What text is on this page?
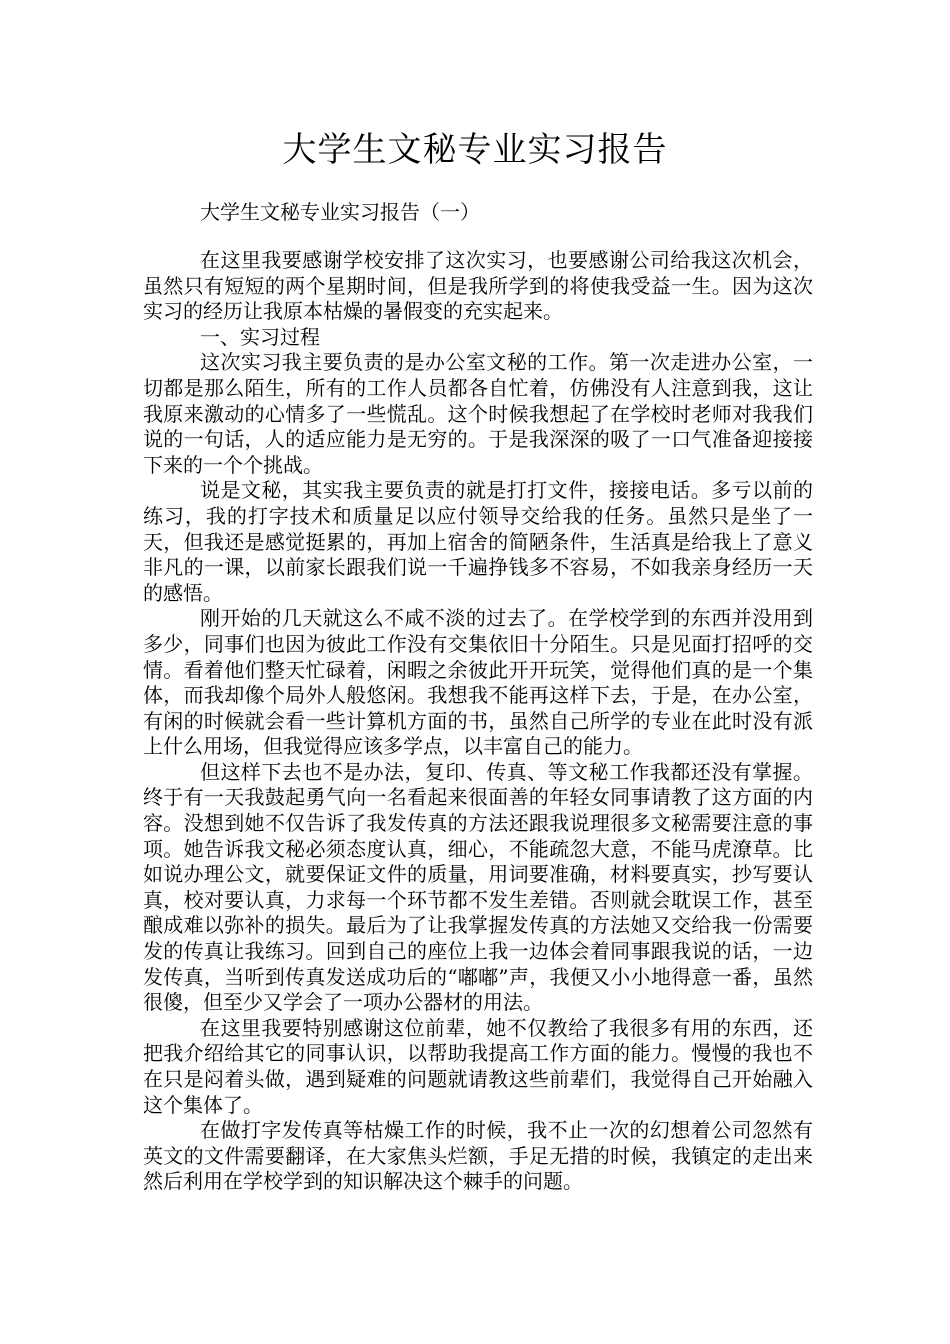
大学生文秘专业实习报告

大学生文秘专业实习报告（一）

在这里我要感谢学校安排了这次实习，也要感谢公司给我这次机会，虽然只有短短的两个星期时间，但是我所学到的将使我受益一生。因为这次实习的经历让我原本枯燥的暑假变的充实起来。

一、实习过程

这次实习我主要负责的是办公室文秘的工作。第一次走进办公室，一切都是那么陌生，所有的工作人员都各自忙着，仿佛没有人注意到我，这让我原来激动的心情多了一些慌乱。这个时候我想起了在学校时老师对我我们说的一句话，人的适应能力是无穷的。于是我深深的吸了一口气准备迎接接下来的一个个挑战。

说是文秘，其实我主要负责的就是打打文件，接接电话。多亏以前的练习，我的打字技术和质量足以应付领导交给我的任务。虽然只是坐了一天，但我还是感觉挺累的，再加上宿舍的简陋条件，生活真是给我上了意义非凡的一课，以前家长跟我们说一千遍挣钱多不容易，不如我亲身经历一天的感悟。

刚开始的几天就这么不咸不淡的过去了。在学校学到的东西并没用到多少，同事们也因为彼此工作没有交集依旧十分陌生。只是见面打招呼的交情。看着他们整天忙碌着，闲暇之余彼此开开玩笑，觉得他们真的是一个集体，而我却像个局外人般悠闲。我想我不能再这样下去，于是，在办公室，有闲的时候就会看一些计算机方面的书，虽然自己所学的专业在此时没有派上什么用场，但我觉得应该多学点，以丰富自己的能力。

但这样下去也不是办法，复印、传真、等文秘工作我都还没有掌握。终于有一天我鼓起勇气向一名看起来很面善的年轻女同事请教了这方面的内容。没想到她不仅告诉了我发传真的方法还跟我说理很多文秘需要注意的事项。她告诉我文秘必须态度认真，细心，不能疏忽大意，不能马虎潦草。比如说办理公文，就要保证文件的质量，用词要准确，材料要真实，抄写要认真，校对要认真，力求每一个环节都不发生差错。否则就会耽误工作，甚至酿成难以弥补的损失。最后为了让我掌握发传真的方法她又交给我一份需要发的传真让我练习。回到自己的座位上我一边体会着同事跟我说的话，一边发传真，当听到传真发送成功后的“嘟嘟”声，我便又小小地得意一番，虽然很傻，但至少又学会了一项办公器材的用法。

在这里我要特别感谢这位前辈，她不仅教给了我很多有用的东西，还把我介绍给其它的同事认识，以帮助我提高工作方面的能力。慢慢的我也不在只是闷着头做，遇到疑难的问题就请教这些前辈们，我觉得自己开始融入这个集体了。

在做打字发传真等枯燥工作的时候，我不止一次的幻想着公司忽然有英文的文件需要翻译，在大家焦头烂额，手足无措的时候，我镇定的走出来然后利用在学校学到的知识解决这个棘手的问题。
